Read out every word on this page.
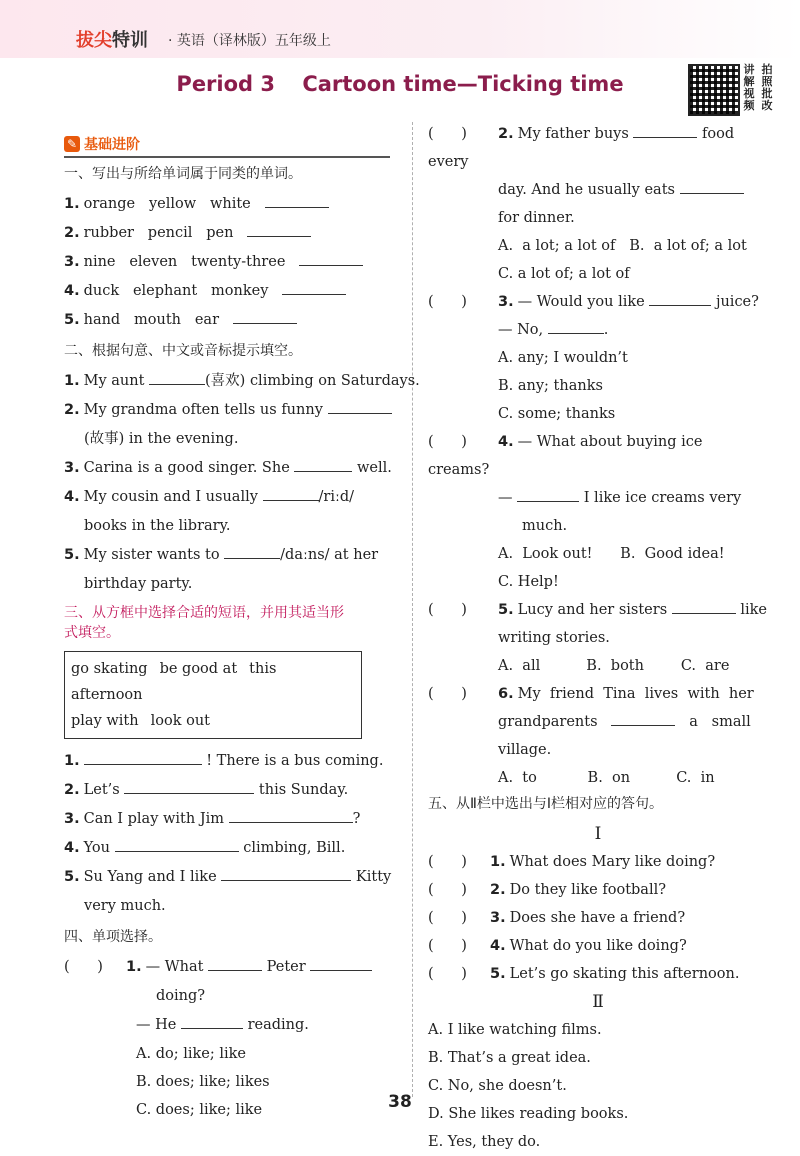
拔尖特训 · 英语（译林版）五年级上
Period 3 Cartoon time—Ticking time
讲 拍
解 照
视 批
频 改
✎ 基础进阶
一、写出与所给单词属于同类的单词。
1. orange   yellow   white
2. rubber   pencil   pen
3. nine   eleven   twenty-three
4. duck   elephant   monkey
5. hand   mouth   ear
二、根据句意、中文或音标提示填空。
1. My aunt	(喜欢) climbing on Saturdays.
2. My grandma often tells us funny
(故事) in the evening.
3. Carina is a good singer. She	well.
4. My cousin and I usually	/riːd/
books in the library.
5. My sister wants to	/daːns/ at her
birthday party.
三、从方框中选择合适的短语，并用其适当形
式填空。
go skating be good at this afternoon
play with look out
1.	! There is a bus coming.
2. Let’s	this Sunday.
3. Can I play with Jim	?
4. You	climbing, Bill.
5. Su Yang and I like	Kitty
very much.
四、单项选择。
(      ) 1. — What	Peter
doing?
— He	reading.
A. do; like; like
B. does; like; likes
C. does; like; like
(      ) 2. My father buys	food every
day. And he usually eats
for dinner.
A.  a lot; a lot of   B.  a lot of; a lot
C. a lot of; a lot of
(      ) 3. — Would you like	juice?
— No,	.
A. any; I wouldn’t
B. any; thanks
C. some; thanks
(      ) 4. — What about buying ice creams?
—	I like ice creams very
much.
A.  Look out!      B.  Good idea!
C. Help!
(      ) 5. Lucy and her sisters	like
writing stories.
A.  all          B.  both        C.  are
(      ) 6. My  friend  Tina  lives  with  her
grandparents	a   small
village.
A.  to           B.  on          C.  in
五、从Ⅱ栏中选出与Ⅰ栏相对应的答句。
I
(      ) 1. What does Mary like doing?
(      ) 2. Do they like football?
(      ) 3. Does she have a friend?
(      ) 4. What do you like doing?
(      ) 5. Let’s go skating this afternoon.
Ⅱ
A. I like watching films.
B. That’s a great idea.
C. No, she doesn’t.
D. She likes reading books.
E. Yes, they do.
38
